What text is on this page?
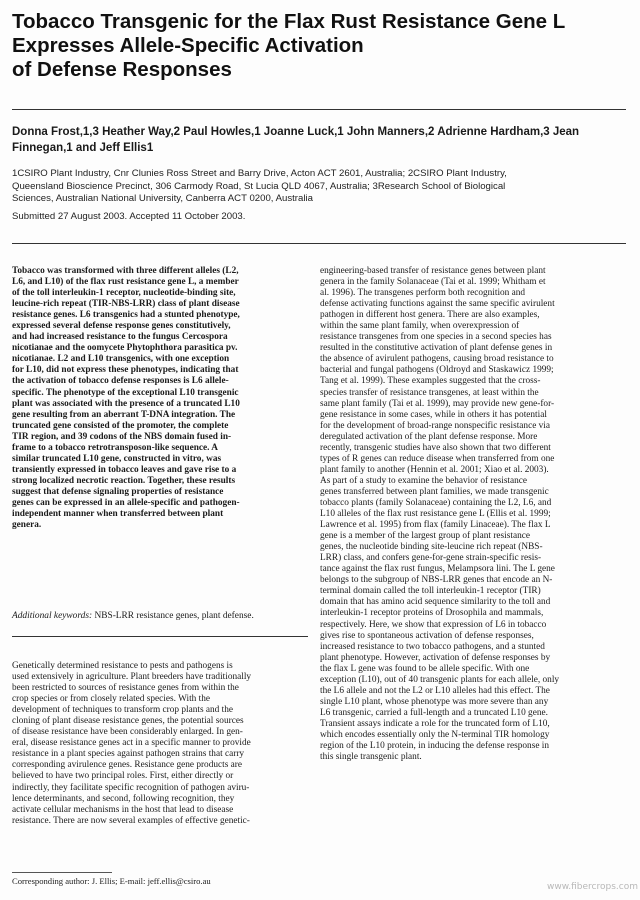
Tobacco Transgenic for the Flax Rust Resistance Gene L
Expresses Allele-Specific Activation
of Defense Responses
Donna Frost,1,3 Heather Way,2 Paul Howles,1 Joanne Luck,1 John Manners,2 Adrienne Hardham,3 Jean
Finnegan,1 and Jeff Ellis1
1CSIRO Plant Industry, Cnr Clunies Ross Street and Barry Drive, Acton ACT 2601, Australia; 2CSIRO Plant Industry,
Queensland Bioscience Precinct, 306 Carmody Road, St Lucia QLD 4067, Australia; 3Research School of Biological
Sciences, Australian National University, Canberra ACT 0200, Australia
Submitted 27 August 2003. Accepted 11 October 2003.
Tobacco was transformed with three different alleles (L2,
L6, and L10) of the flax rust resistance gene L, a member
of the toll interleukin-1 receptor, nucleotide-binding site,
leucine-rich repeat (TIR-NBS-LRR) class of plant disease
resistance genes. L6 transgenics had a stunted phenotype,
expressed several defense response genes constitutively,
and had increased resistance to the fungus Cercospora
nicotianae and the oomycete Phytophthora parasitica pv.
nicotianae. L2 and L10 transgenics, with one exception
for L10, did not express these phenotypes, indicating that
the activation of tobacco defense responses is L6 allele-
specific. The phenotype of the exceptional L10 transgenic
plant was associated with the presence of a truncated L10
gene resulting from an aberrant T-DNA integration. The
truncated gene consisted of the promoter, the complete
TIR region, and 39 codons of the NBS domain fused in-
frame to a tobacco retrotransposon-like sequence. A
similar truncated L10 gene, constructed in vitro, was
transiently expressed in tobacco leaves and gave rise to a
strong localized necrotic reaction. Together, these results
suggest that defense signaling properties of resistance
genes can be expressed in an allele-specific and pathogen-
independent manner when transferred between plant
genera.
Additional keywords: NBS-LRR resistance genes, plant defense.
Genetically determined resistance to pests and pathogens is
used extensively in agriculture. Plant breeders have traditionally
been restricted to sources of resistance genes from within the
crop species or from closely related species. With the
development of techniques to transform crop plants and the
cloning of plant disease resistance genes, the potential sources
of disease resistance have been considerably enlarged. In gen-
eral, disease resistance genes act in a specific manner to provide
resistance in a plant species against pathogen strains that carry
corresponding avirulence genes. Resistance gene products are
believed to have two principal roles. First, either directly or
indirectly, they facilitate specific recognition of pathogen aviru-
lence determinants, and second, following recognition, they
activate cellular mechanisms in the host that lead to disease
resistance. There are now several examples of effective genetic-
engineering-based transfer of resistance genes between plant
genera in the family Solanaceae (Tai et al. 1999; Whitham et
al. 1996). The transgenes perform both recognition and
defense activating functions against the same specific avirulent
pathogen in different host genera. There are also examples,
within the same plant family, when overexpression of
resistance transgenes from one species in a second species has
resulted in the constitutive activation of plant defense genes in
the absence of avirulent pathogens, causing broad resistance to
bacterial and fungal pathogens (Oldroyd and Staskawicz 1999;
Tang et al. 1999). These examples suggested that the cross-
species transfer of resistance transgenes, at least within the
same plant family (Tai et al. 1999), may provide new gene-for-
gene resistance in some cases, while in others it has potential
for the development of broad-range nonspecific resistance via
deregulated activation of the plant defense response. More
recently, transgenic studies have also shown that two different
types of R genes can reduce disease when transferred from one
plant family to another (Hennin et al. 2001; Xiao et al. 2003).
As part of a study to examine the behavior of resistance
genes transferred between plant families, we made transgenic
tobacco plants (family Solanaceae) containing the L2, L6, and
L10 alleles of the flax rust resistance gene L (Ellis et al. 1999;
Lawrence et al. 1995) from flax (family Linaceae). The flax L
gene is a member of the largest group of plant resistance
genes, the nucleotide binding site-leucine rich repeat (NBS-
LRR) class, and confers gene-for-gene strain-specific resis-
tance against the flax rust fungus, Melampsora lini. The L gene
belongs to the subgroup of NBS-LRR genes that encode an N-
terminal domain called the toll interleukin-1 receptor (TIR)
domain that has amino acid sequence similarity to the toll and
interleukin-1 receptor proteins of Drosophila and mammals,
respectively. Here, we show that expression of L6 in tobacco
gives rise to spontaneous activation of defense responses,
increased resistance to two tobacco pathogens, and a stunted
plant phenotype. However, activation of defense responses by
the flax L gene was found to be allele specific. With one
exception (L10), out of 40 transgenic plants for each allele, only
the L6 allele and not the L2 or L10 alleles had this effect. The
single L10 plant, whose phenotype was more severe than any
L6 transgenic, carried a full-length and a truncated L10 gene.
Transient assays indicate a role for the truncated form of L10,
which encodes essentially only the N-terminal TIR homology
region of the L10 protein, in inducing the defense response in
this single transgenic plant.
Corresponding author: J. Ellis; E-mail: jeff.ellis@csiro.au
www.fibercrops.com
